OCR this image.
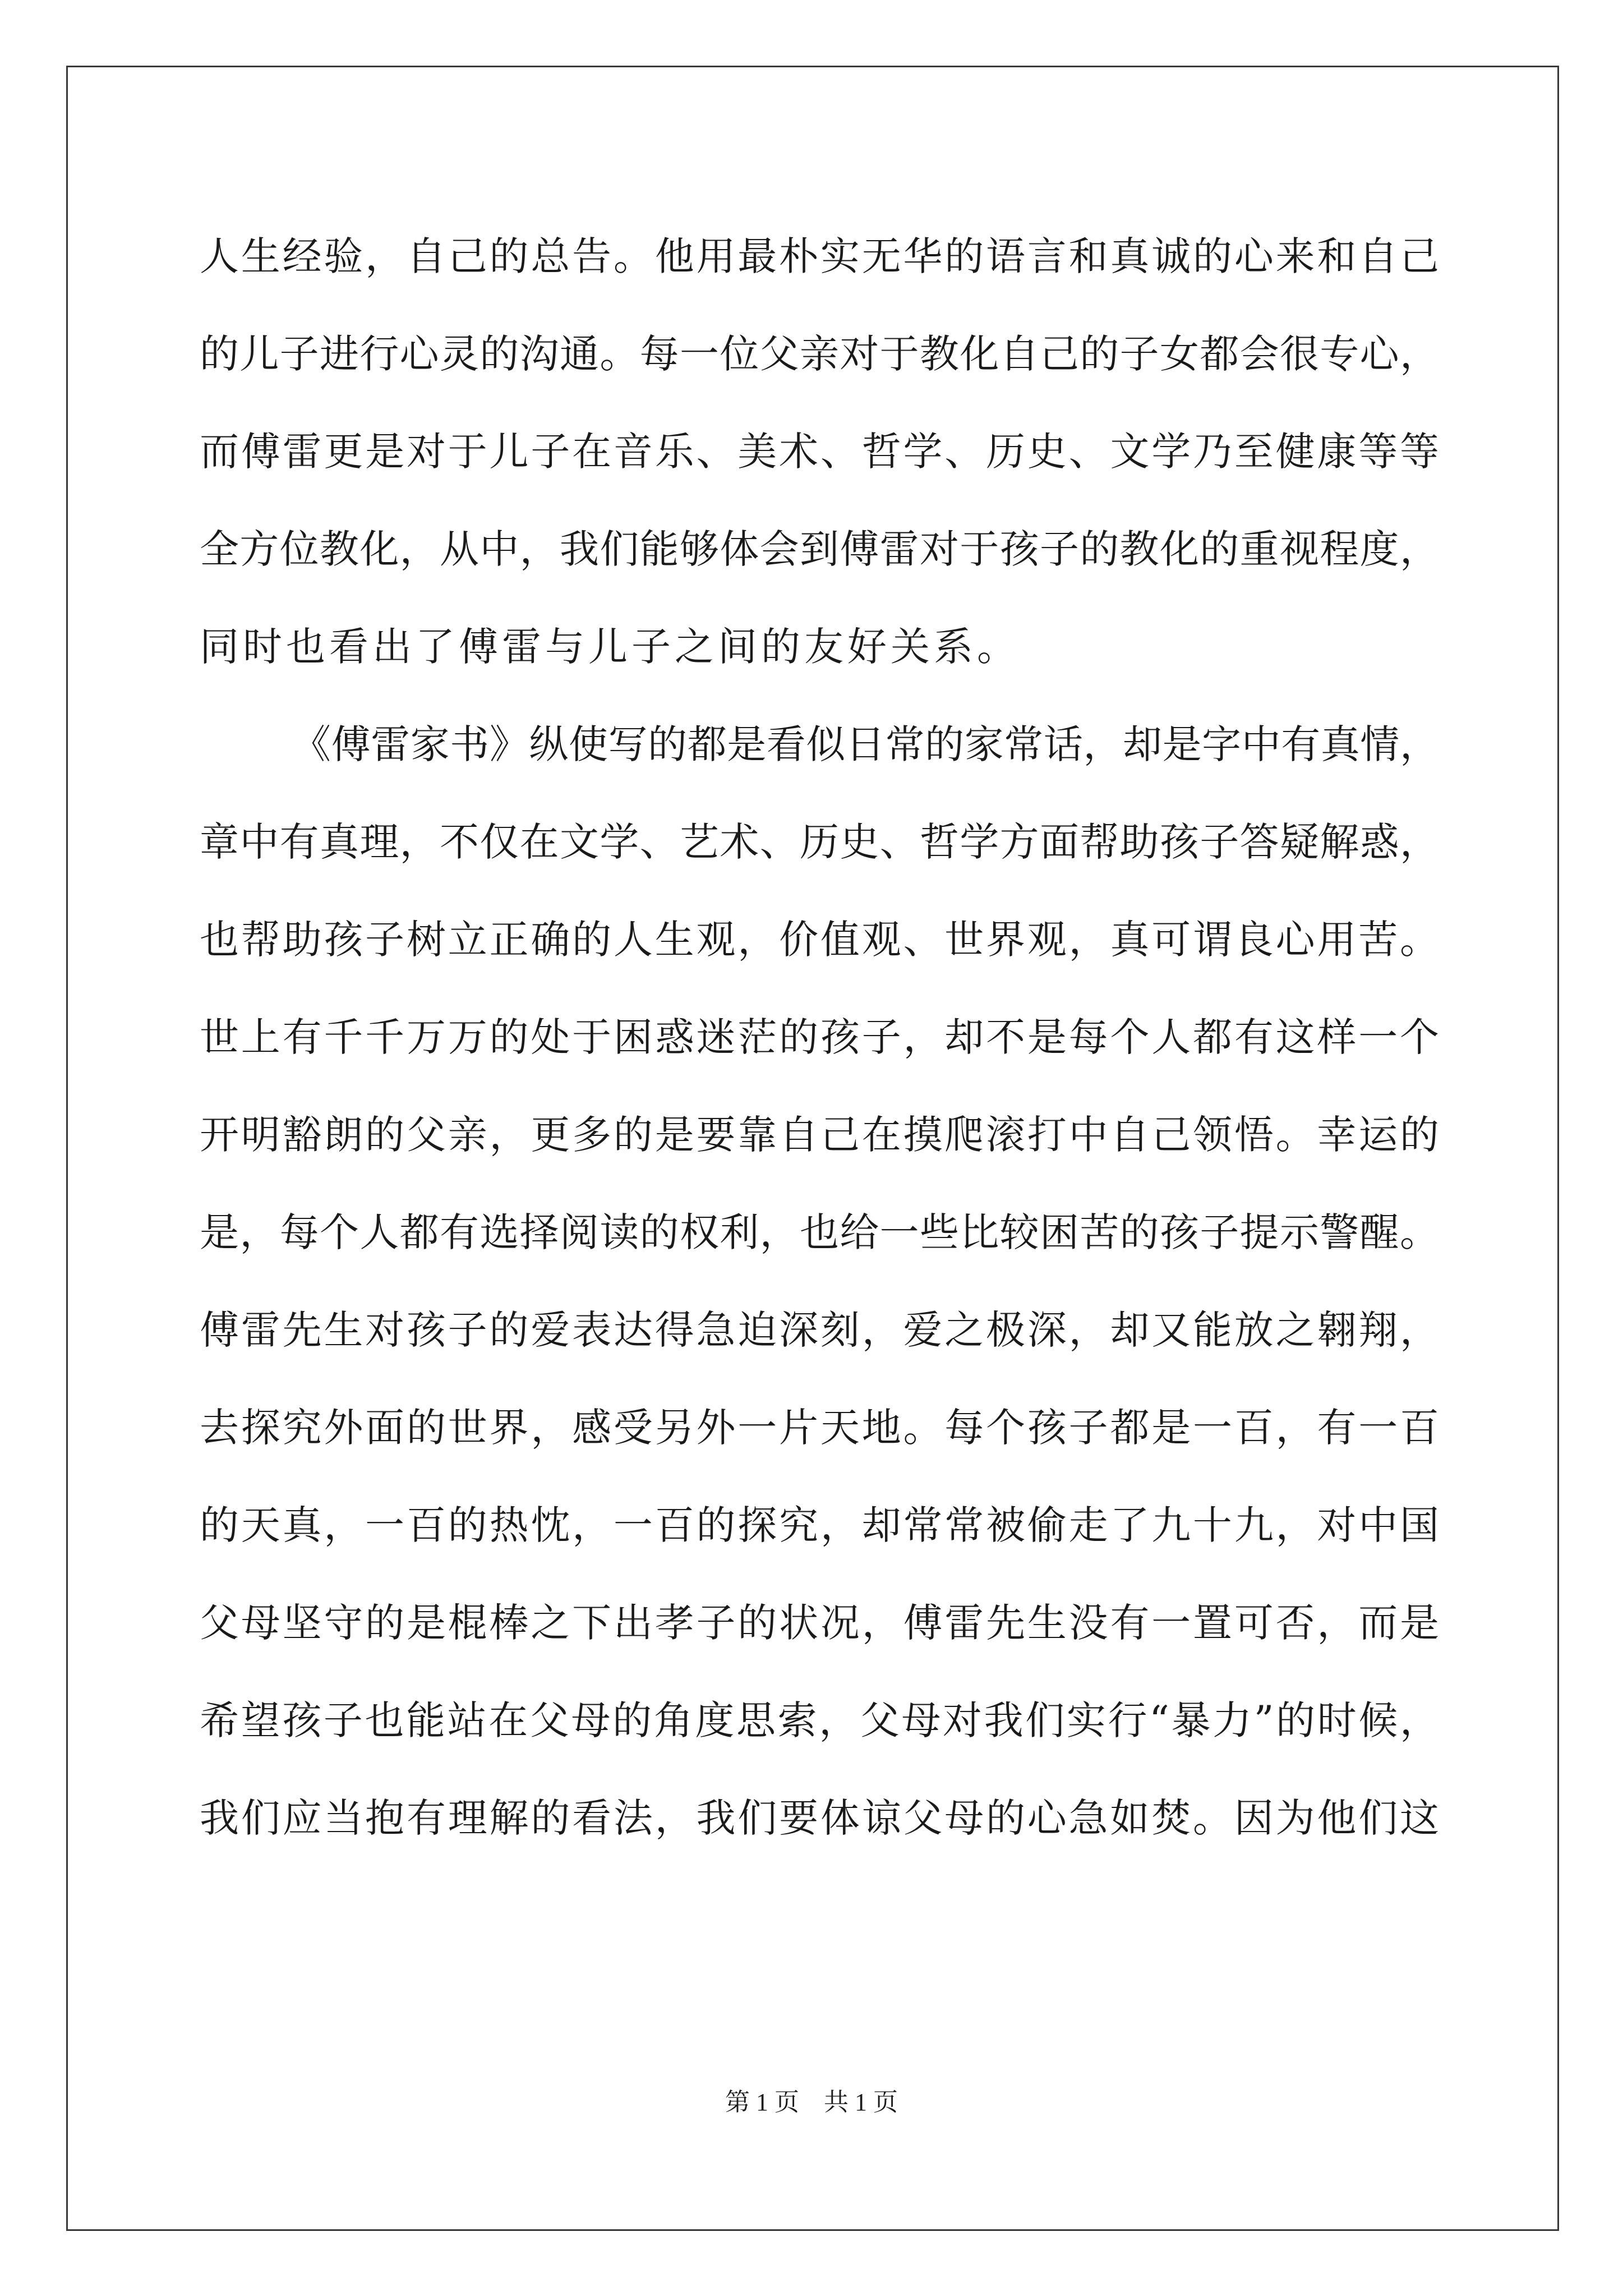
人生经验，自己的总告。他用最朴实无华的语言和真诚的心来和自己
的儿子进行心灵的沟通。每一位父亲对于教化自己的子女都会很专心，
而傅雷更是对于儿子在音乐、美术、哲学、历史、文学乃至健康等等
全方位教化，从中，我们能够体会到傅雷对于孩子的教化的重视程度，
同时也看出了傅雷与儿子之间的友好关系。
《傅雷家书》纵使写的都是看似日常的家常话，却是字中有真情，
章中有真理，不仅在文学、艺术、历史、哲学方面帮助孩子答疑解惑，
也帮助孩子树立正确的人生观，价值观、世界观，真可谓良心用苦。
世上有千千万万的处于困惑迷茫的孩子，却不是每个人都有这样一个
开明豁朗的父亲，更多的是要靠自己在摸爬滚打中自己领悟。幸运的
是，每个人都有选择阅读的权利，也给一些比较困苦的孩子提示警醒。
傅雷先生对孩子的爱表达得急迫深刻，爱之极深，却又能放之翱翔，
去探究外面的世界，感受另外一片天地。每个孩子都是一百，有一百
的天真，一百的热忱，一百的探究，却常常被偷走了九十九，对中国
父母坚守的是棍棒之下出孝子的状况，傅雷先生没有一置可否，而是
希望孩子也能站在父母的角度思索，父母对我们实行“暴力”的时候，
我们应当抱有理解的看法，我们要体谅父母的心急如焚。因为他们这
第 1 页　共 1 页
